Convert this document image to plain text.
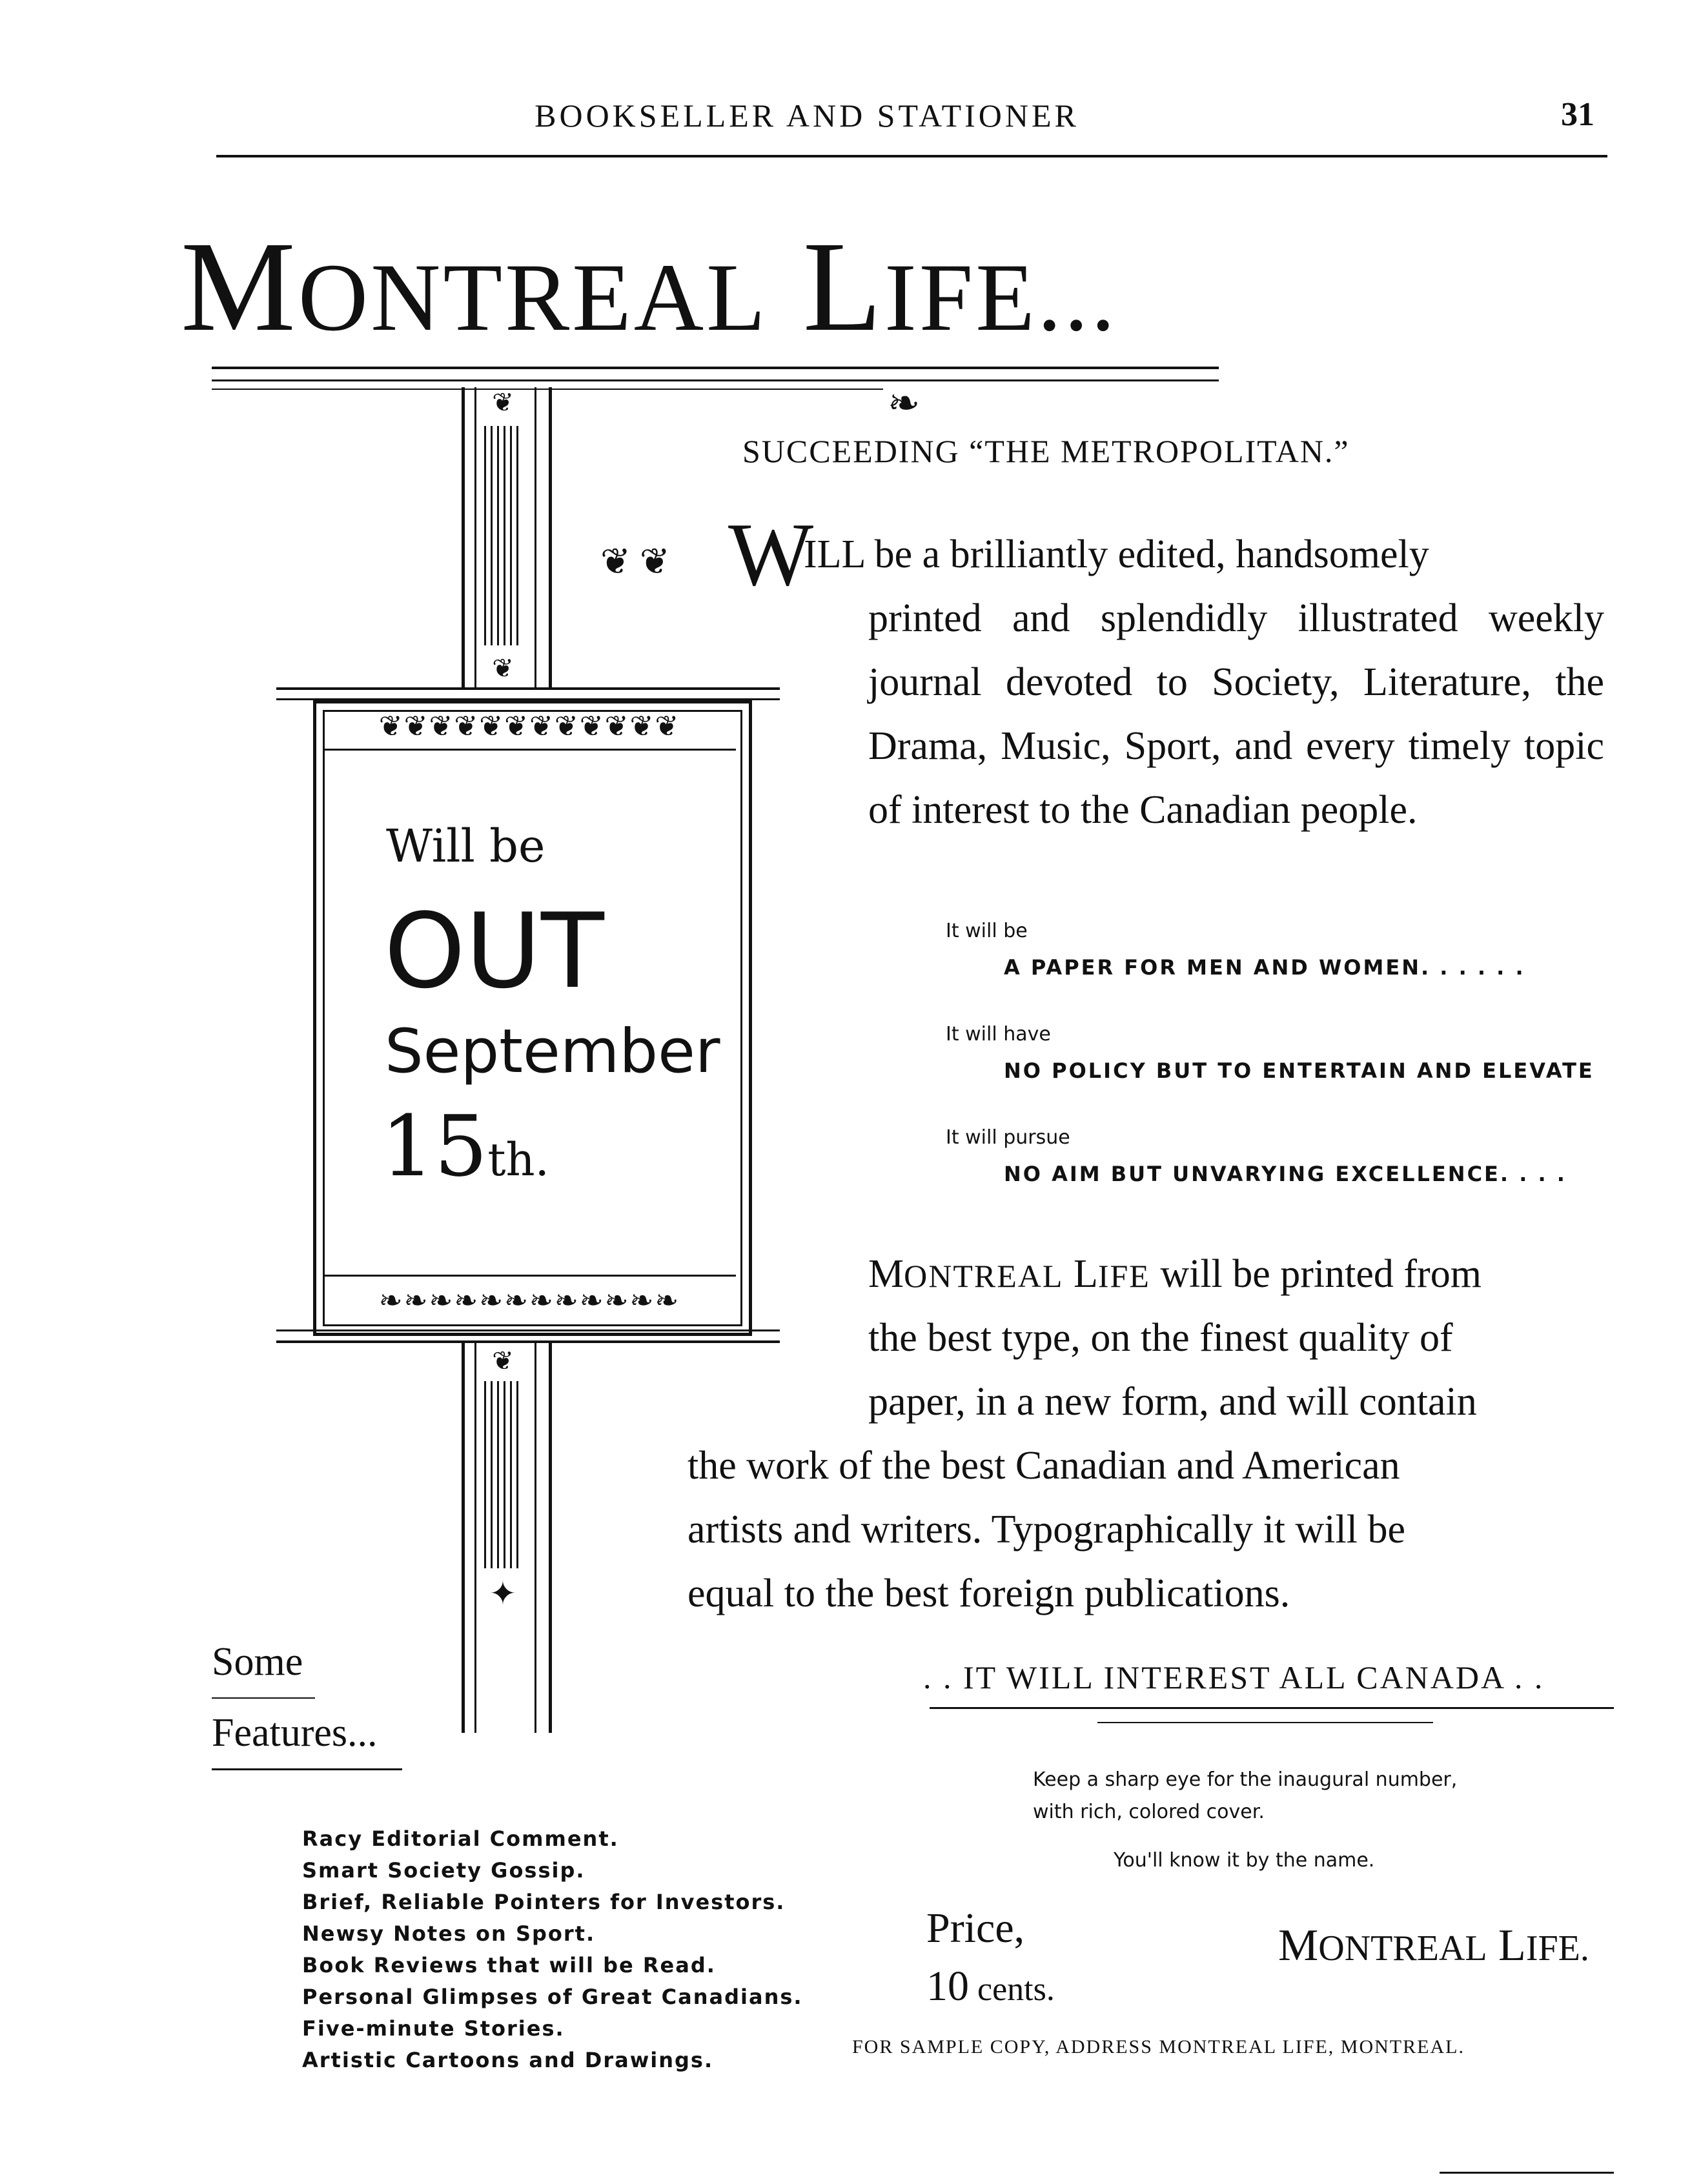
BOOKSELLER AND STATIONER	31
MONTREAL LIFE...
❧
SUCCEEDING “THE METROPOLITAN.”
❦ ❦ W
ILL be a brilliantly edited, handsomely
printed and splendidly illustrated weekly journal devoted to Society, Literature, the Drama, Music, Sport, and every timely topic of interest to the Canadian people.
It will be
A PAPER FOR MEN AND WOMEN. . . . . .
It will have
NO POLICY BUT TO ENTERTAIN AND ELEVATE
It will pursue
NO AIM BUT UNVARYING EXCELLENCE. . . .
MONTREAL LIFE will be printed from
the best type, on the finest quality of
paper, in a new form, and will contain
the work of the best Canadian and American
artists and writers. Typographically it will be
equal to the best foreign publications.
. . IT WILL INTEREST ALL CANADA . .
❦
❦
❦❦❦❦❦❦❦❦❦❦❦❦
❧❧❧❧❧❧❧❧❧❧❧❧
Will be
OUT
September
15th.
❦
✦
Some
Features...
Racy Editorial Comment.
Smart Society Gossip.
Brief, Reliable Pointers for Investors.
Newsy Notes on Sport.
Book Reviews that will be Read.
Personal Glimpses of Great Canadians.
Five-minute Stories.
Artistic Cartoons and Drawings.
Keep a sharp eye for the inaugural number,
with rich, colored cover.
You'll know it by the name.
Price,
10 cents.
MONTREAL LIFE.
FOR SAMPLE COPY, ADDRESS MONTREAL LIFE, MONTREAL.
